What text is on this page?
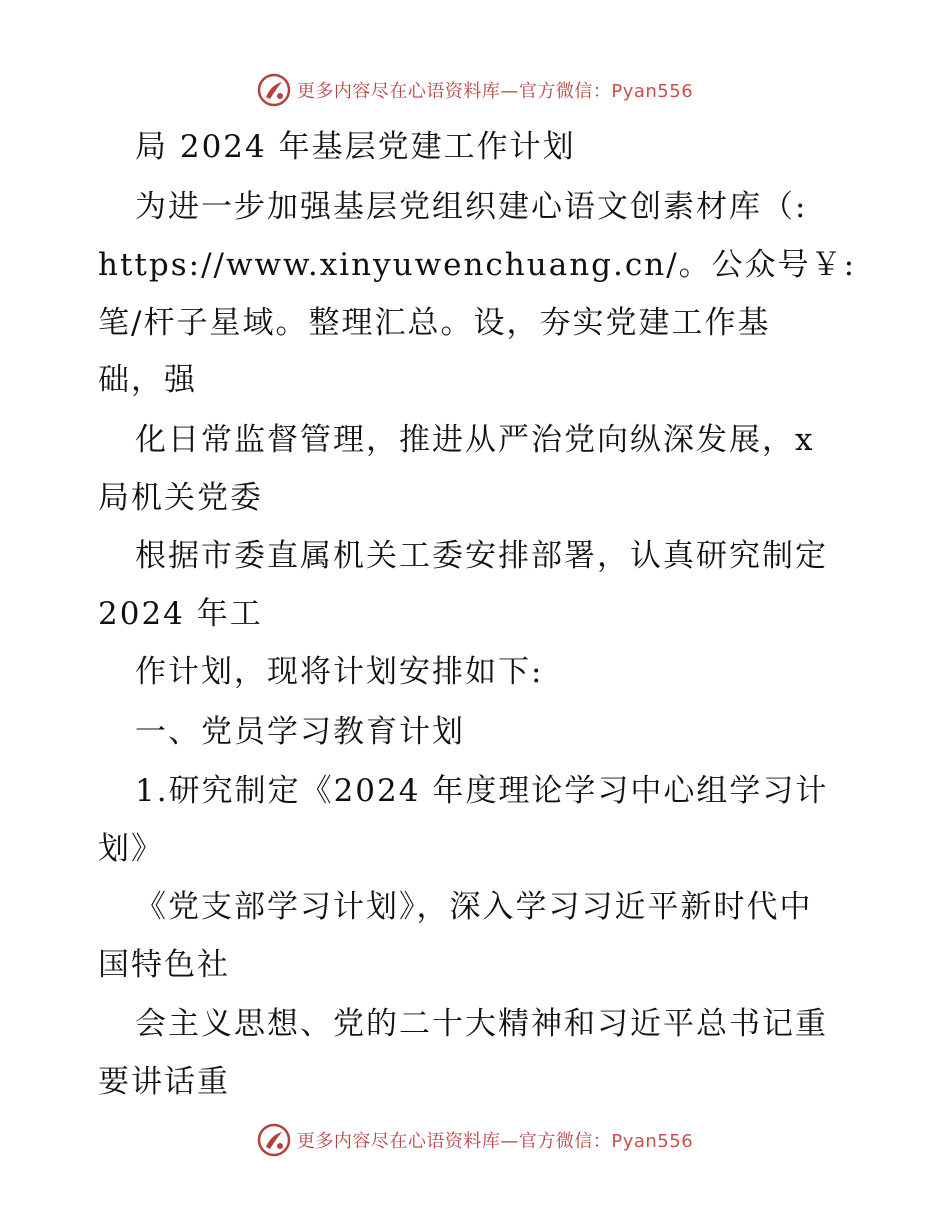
更多内容尽在心语资料库—官方微信：Pyan556
局 2024 年基层党建工作计划
为进一步加强基层党组织建心语文创素材库（:
https://www.xinyuwenchuang.cn/。公众号￥:
笔/杆子星域。整理汇总。设，夯实党建工作基
础，强
化日常监督管理，推进从严治党向纵深发展，x
局机关党委
根据市委直属机关工委安排部署，认真研究制定
2024 年工
作计划，现将计划安排如下:
一、党员学习教育计划
1.研究制定《2024 年度理论学习中心组学习计
划》
《党支部学习计划》，深入学习习近平新时代中
国特色社
会主义思想、党的二十大精神和习近平总书记重
要讲话重
更多内容尽在心语资料库—官方微信：Pyan556
